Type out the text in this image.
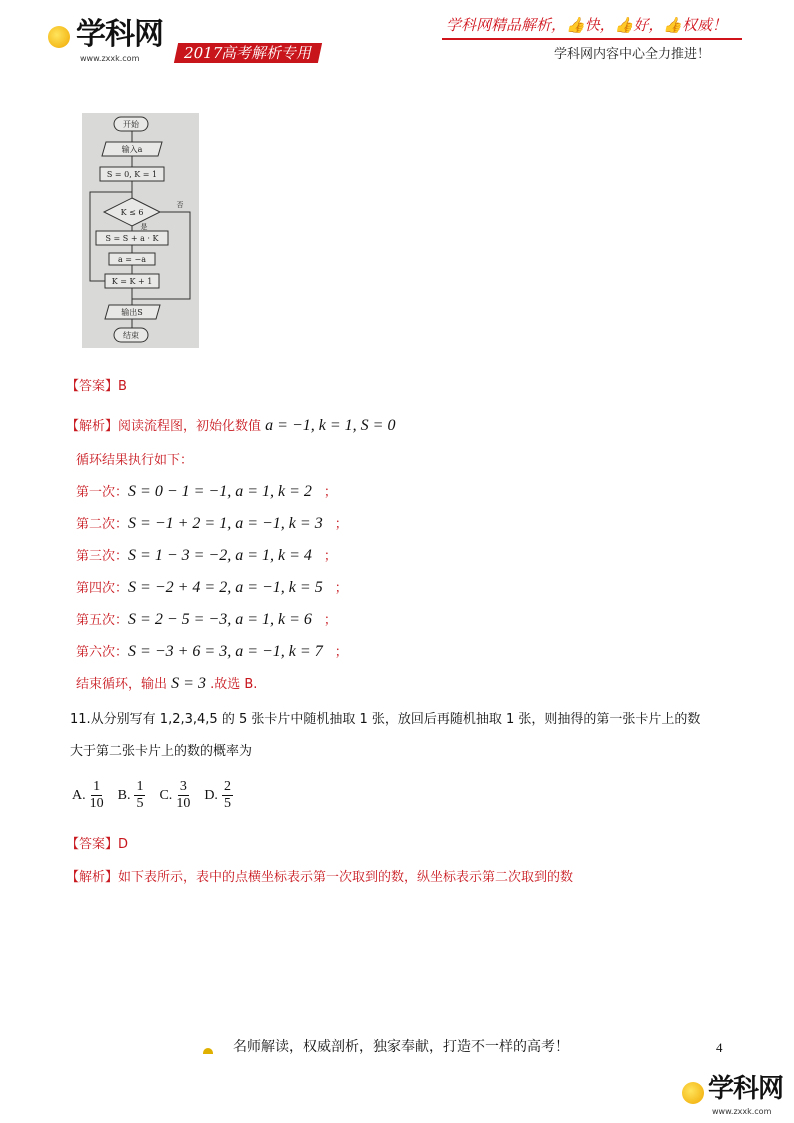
学科网
www.zxxk.com	2017高考解析专用
学科网精品解析，👍快，👍好，👍权威！
学科网内容中心全力推进！
开始
输入a
S = 0, K = 1
K ≤ 6
是
否
S = S + a · K
a = −a
K = K + 1
输出S
结束
【答案】B
【解析】阅读流程图，初始化数值 a = −1, k = 1, S = 0
循环结果执行如下：
第一次：S = 0 − 1 = −1, a = 1, k = 2 ；
第二次：S = −1 + 2 = 1, a = −1, k = 3 ；
第三次：S = 1 − 3 = −2, a = 1, k = 4 ；
第四次：S = −2 + 4 = 2, a = −1, k = 5 ；
第五次：S = 2 − 5 = −3, a = 1, k = 6 ；
第六次：S = −3 + 6 = 3, a = −1, k = 7 ；
结束循环，输出 S = 3 .故选 B.
11.从分别写有 1,2,3,4,5 的 5 张卡片中随机抽取 1 张，放回后再随机抽取 1 张，则抽得的第一张卡片上的数
大于第二张卡片上的数的概率为
A. $\frac{1}{10} B$. $\frac{1}{5} C$. $\frac{3}{10} D$. $\frac{2}{5}$
【答案】D
【解析】如下表所示，表中的点横坐标表示第一次取到的数，纵坐标表示第二次取到的数
名师解读，权威剖析，独家奉献，打造不一样的高考！	4
学科网
www.zxxk.com
